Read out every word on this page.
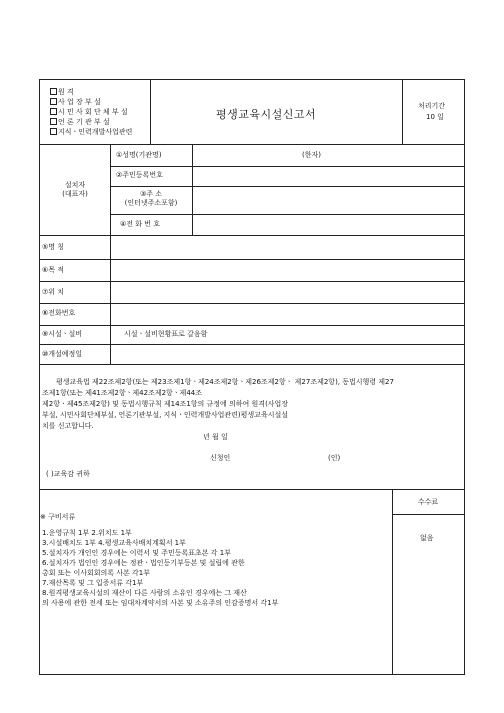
원 격
사 업 장 부 설
시 민 사 회 단 체 부 설
언 론 기 관 부 설
지식ㆍ인력개발사업관련
평생교육시설신고서
처리기간
10 일
설치자
(대표자)
①성명(기관명)	(한자)
②주민등록번호
③주 소
(인터넷주소포함)
④전 화 번 호
⑤명 칭
⑥목 적
⑦위 치
⑧전화번호
⑨시설ㆍ설비	시설ㆍ설비현황표로 갈음함
⑩개설예정일
평생교육법 제22조제2항(또는 제23조제1항ㆍ제24조제2항ㆍ제26조제2항ㆍ 제27조제2항), 동법시행령 제27
조제1항(또는 제41조제2항ㆍ제42조제2항ㆍ제44조
제2항ㆍ제45조제2항) 및 동법시행규칙 제14조1항의 규정에 의하여 원격(사업장
부설, 시민사회단체부설, 언론기관부설, 지식ㆍ인력개발사업관련)평생교육시설설
치를 신고합니다.
년 월 일
신청인	(인)
( )교육감 귀하
※ 구비서류
1.운영규칙 1부 2.위치도 1부
3.시설배치도 1부 4.평생교육사배치계획서 1부
5.설치자가 개인인 경우에는 이력서 및 주민등록표초본 각 1부
6.설치자가 법인인 경우에는 정관ㆍ법인등기부등본 및 설립에 관한
총회 또는 이사회회의록 사본 각1부
7.재산목록 및 그 입증서류 각1부
8.원격평생교육시설의 재산이 다른 사람의 소유인 경우에는 그 재산
의 사용에 관한 전세 또는 임대차계약서의 사본 및 소유주의 인감증명서 각1부
수수료
없음
